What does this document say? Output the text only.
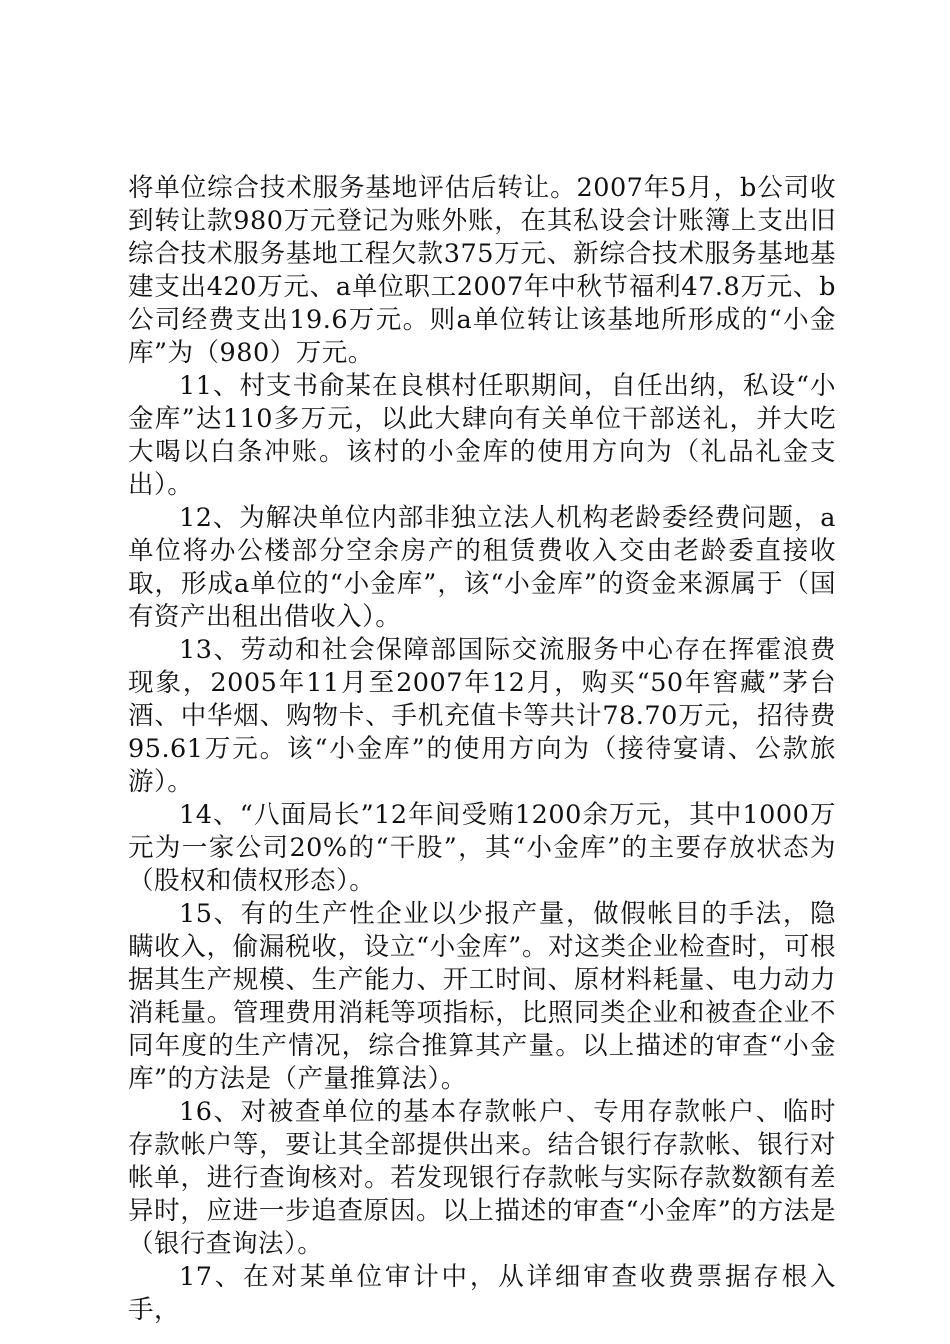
将单位综合技术服务基地评估后转让。2007年5月，b公司收到转让款980万元登记为账外账，在其私设会计账簿上支出旧综合技术服务基地工程欠款375万元、新综合技术服务基地基建支出420万元、a单位职工2007年中秋节福利47.8万元、b公司经费支出19.6万元。则a单位转让该基地所形成的“小金库”为（980）万元。

11、村支书俞某在良棋村任职期间，自任出纳，私设“小金库”达110多万元，以此大肆向有关单位干部送礼，并大吃大喝以白条冲账。该村的小金库的使用方向为（礼品礼金支出）。

12、为解决单位内部非独立法人机构老龄委经费问题，a单位将办公楼部分空余房产的租赁费收入交由老龄委直接收取，形成a单位的“小金库”，该“小金库”的资金来源属于（国有资产出租出借收入）。

13、劳动和社会保障部国际交流服务中心存在挥霍浪费现象，2005年11月至2007年12月，购买“50年窖藏”茅台酒、中华烟、购物卡、手机充值卡等共计78.70万元，招待费95.61万元。该“小金库”的使用方向为（接待宴请、公款旅游）。

14、“八面局长”12年间受贿1200余万元，其中1000万元为一家公司20%的“干股”，其“小金库”的主要存放状态为（股权和债权形态）。

15、有的生产性企业以少报产量，做假帐目的手法，隐瞒收入，偷漏税收，设立“小金库”。对这类企业检查时，可根据其生产规模、生产能力、开工时间、原材料耗量、电力动力消耗量。管理费用消耗等项指标，比照同类企业和被查企业不同年度的生产情况，综合推算其产量。以上描述的审查“小金库”的方法是（产量推算法）。

16、对被查单位的基本存款帐户、专用存款帐户、临时存款帐户等，要让其全部提供出来。结合银行存款帐、银行对帐单，进行查询核对。若发现银行存款帐与实际存款数额有差异时，应进一步追查原因。以上描述的审查“小金库”的方法是（银行查询法）。

17、在对某单位审计中，从详细审查收费票据存根入手，
